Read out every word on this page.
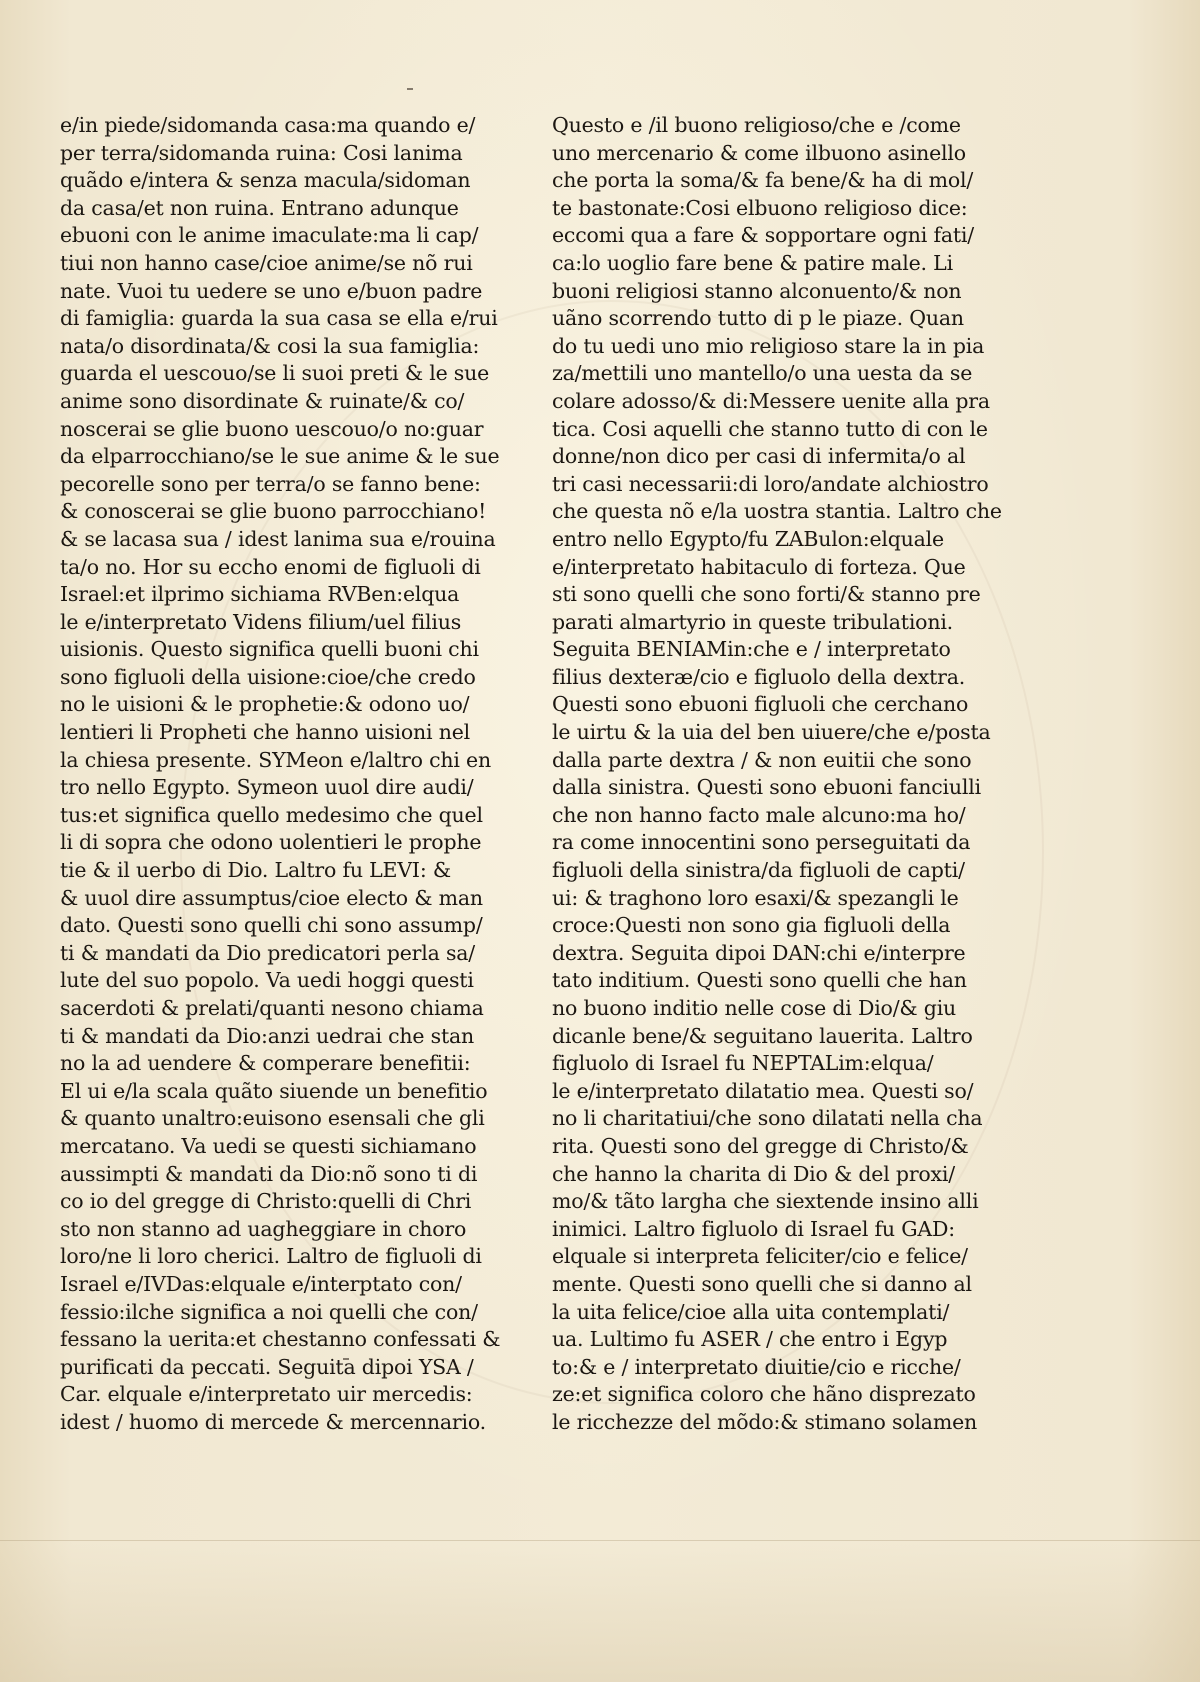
e/in piede/sidomanda casa:ma quando e/
per terra/sidomanda ruina: Cosi lanima
quãdo e/intera & senza macula/sidoman
da casa/et non ruina. Entrano adunque
ebuoni con le anime imaculate:ma li cap/
tiui non hanno case/cioe anime/se nõ rui
nate. Vuoi tu uedere se uno e/buon padre
di famiglia: guarda la sua casa se ella e/rui
nata/o disordinata/& cosi la sua famiglia:
guarda el uescouo/se li suoi preti & le sue
anime sono disordinate & ruinate/& co/
noscerai se glie buono uescouo/o no:guar
da elparrocchiano/se le sue anime & le sue
pecorelle sono per terra/o se fanno bene:
& conoscerai se glie buono parrocchiano!
& se lacasa sua / idest lanima sua e/rouina
ta/o no. Hor su eccho enomi de figluoli di
Israel:et ilprimo sichiama RVBen:elqua
le e/interpretato Videns filium/uel filius
uisionis. Questo significa quelli buoni chi
sono figluoli della uisione:cioe/che credo
no le uisioni & le prophetie:& odono uo/
lentieri li Propheti che hanno uisioni nel
la chiesa presente. SYMeon e/laltro chi en
tro nello Egypto. Symeon uuol dire audi/
tus:et significa quello medesimo che quel
li di sopra che odono uolentieri le prophe
tie & il uerbo di Dio. Laltro fu LEVI: &
& uuol dire assumptus/cioe electo & man
dato. Questi sono quelli chi sono assump/
ti & mandati da Dio predicatori perla sa/
lute del suo popolo. Va uedi hoggi questi
sacerdoti & prelati/quanti nesono chiama
ti & mandati da Dio:anzi uedrai che stan
no la ad uendere & comperare benefitii:
El ui e/la scala quãto siuende un benefitio
& quanto unaltro:euisono esensali che gli
mercatano. Va uedi se questi sichiamano
aussimpti & mandati da Dio:nõ sono ti di
co io del gregge di Christo:quelli di Chri
sto non stanno ad uagheggiare in choro
loro/ne li loro cherici. Laltro de figluoli di
Israel e/IVDas:elquale e/interptato con/
fessio:ilche significa a noi quelli che con/
fessano la uerita:et chestanno confessati &
purificati da peccati. Seguita dipoi YSA /
Car. elquale e/interpretato uir mercedis:
idest / huomo di mercede & mercennario.
Questo e /il buono religioso/che e /come
uno mercenario & come ilbuono asinello
che porta la soma/& fa bene/& ha di mol/
te bastonate:Cosi elbuono religioso dice:
eccomi qua a fare & sopportare ogni fati/
ca:lo uoglio fare bene & patire male. Li
buoni religiosi stanno alconuento/& non
uãno scorrendo tutto di p le piaze. Quan
do tu uedi uno mio religioso stare la in pia
za/mettili uno mantello/o una uesta da se
colare adosso/& di:Messere uenite alla pra
tica. Cosi aquelli che stanno tutto di con le
donne/non dico per casi di infermita/o al
tri casi necessarii:di loro/andate alchiostro
che questa nõ e/la uostra stantia. Laltro che
entro nello Egypto/fu ZABulon:elquale
e/interpretato habitaculo di forteza. Que
sti sono quelli che sono forti/& stanno pre
parati almartyrio in queste tribulationi.
Seguita BENIAMin:che e / interpretato
filius dexteræ/cio e figluolo della dextra.
Questi sono ebuoni figluoli che cerchano
le uirtu & la uia del ben uiuere/che e/posta
dalla parte dextra / & non euitii che sono
dalla sinistra. Questi sono ebuoni fanciulli
che non hanno facto male alcuno:ma ho/
ra come innocentini sono perseguitati da
figluoli della sinistra/da figluoli de capti/
ui: & traghono loro esaxi/& spezangli le
croce:Questi non sono gia figluoli della
dextra. Seguita dipoi DAN:chi e/interpre
tato inditium. Questi sono quelli che han
no buono inditio nelle cose di Dio/& giu
dicanle bene/& seguitano lauerita. Laltro
figluolo di Israel fu NEPTALim:elqua/
le e/interpretato dilatatio mea. Questi so/
no li charitatiui/che sono dilatati nella cha
rita. Questi sono del gregge di Christo/&
che hanno la charita di Dio & del proxi/
mo/& tãto largha che siextende insino alli
inimici. Laltro figluolo di Israel fu GAD:
elquale si interpreta feliciter/cio e felice/
mente. Questi sono quelli che si danno al
la uita felice/cioe alla uita contemplati/
ua. Lultimo fu ASER / che entro i Egyp
to:& e / interpretato diuitie/cio e ricche/
ze:et significa coloro che hãno disprezato
le ricchezze del mõdo:& stimano solamen
